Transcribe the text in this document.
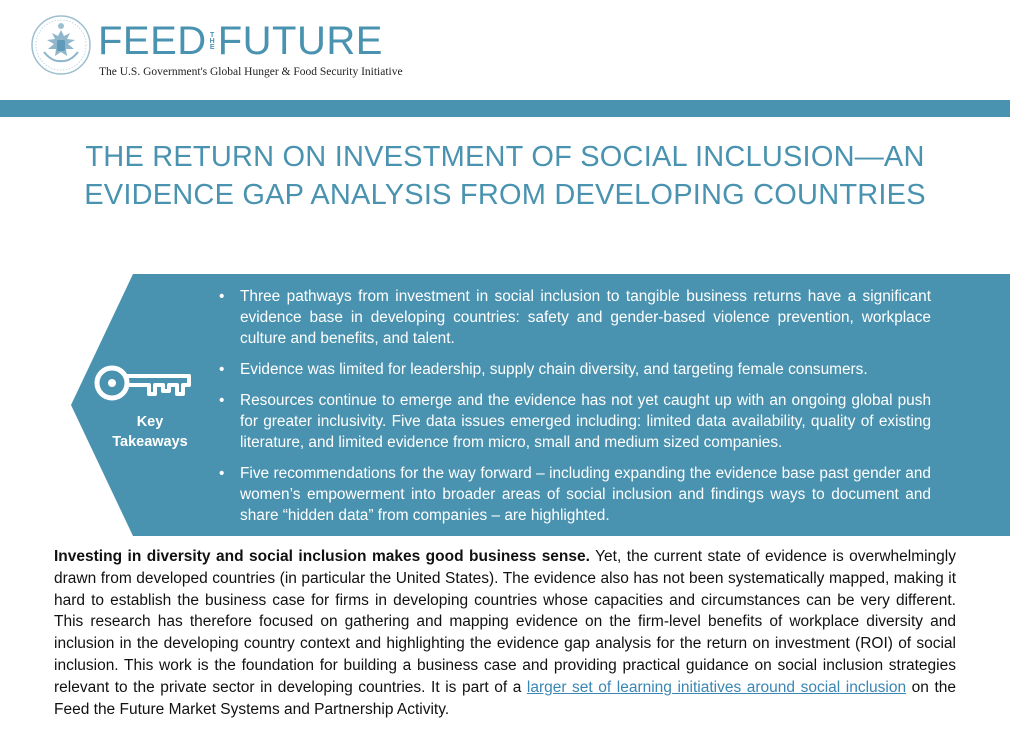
FEED THE FUTURE
The U.S. Government's Global Hunger & Food Security Initiative
THE RETURN ON INVESTMENT OF SOCIAL INCLUSION—AN EVIDENCE GAP ANALYSIS FROM DEVELOPING COUNTRIES
Key
Takeaways
• Three pathways from investment in social inclusion to tangible business returns have a significant evidence base in developing countries: safety and gender-based violence prevention, workplace culture and benefits, and talent.
• Evidence was limited for leadership, supply chain diversity, and targeting female consumers.
• Resources continue to emerge and the evidence has not yet caught up with an ongoing global push for greater inclusivity. Five data issues emerged including: limited data availability, quality of existing literature, and limited evidence from micro, small and medium sized companies.
• Five recommendations for the way forward – including expanding the evidence base past gender and women’s empowerment into broader areas of social inclusion and findings ways to document and share “hidden data” from companies – are highlighted.

Investing in diversity and social inclusion makes good business sense. Yet, the current state of evidence is overwhelmingly drawn from developed countries (in particular the United States). The evidence also has not been systematically mapped, making it hard to establish the business case for firms in developing countries whose capacities and circumstances can be very different. This research has therefore focused on gathering and mapping evidence on the firm-level benefits of workplace diversity and inclusion in the developing country context and highlighting the evidence gap analysis for the return on investment (ROI) of social inclusion. This work is the foundation for building a business case and providing practical guidance on social inclusion strategies relevant to the private sector in developing countries. It is part of a larger set of learning initiatives around social inclusion on the Feed the Future Market Systems and Partnership Activity.
